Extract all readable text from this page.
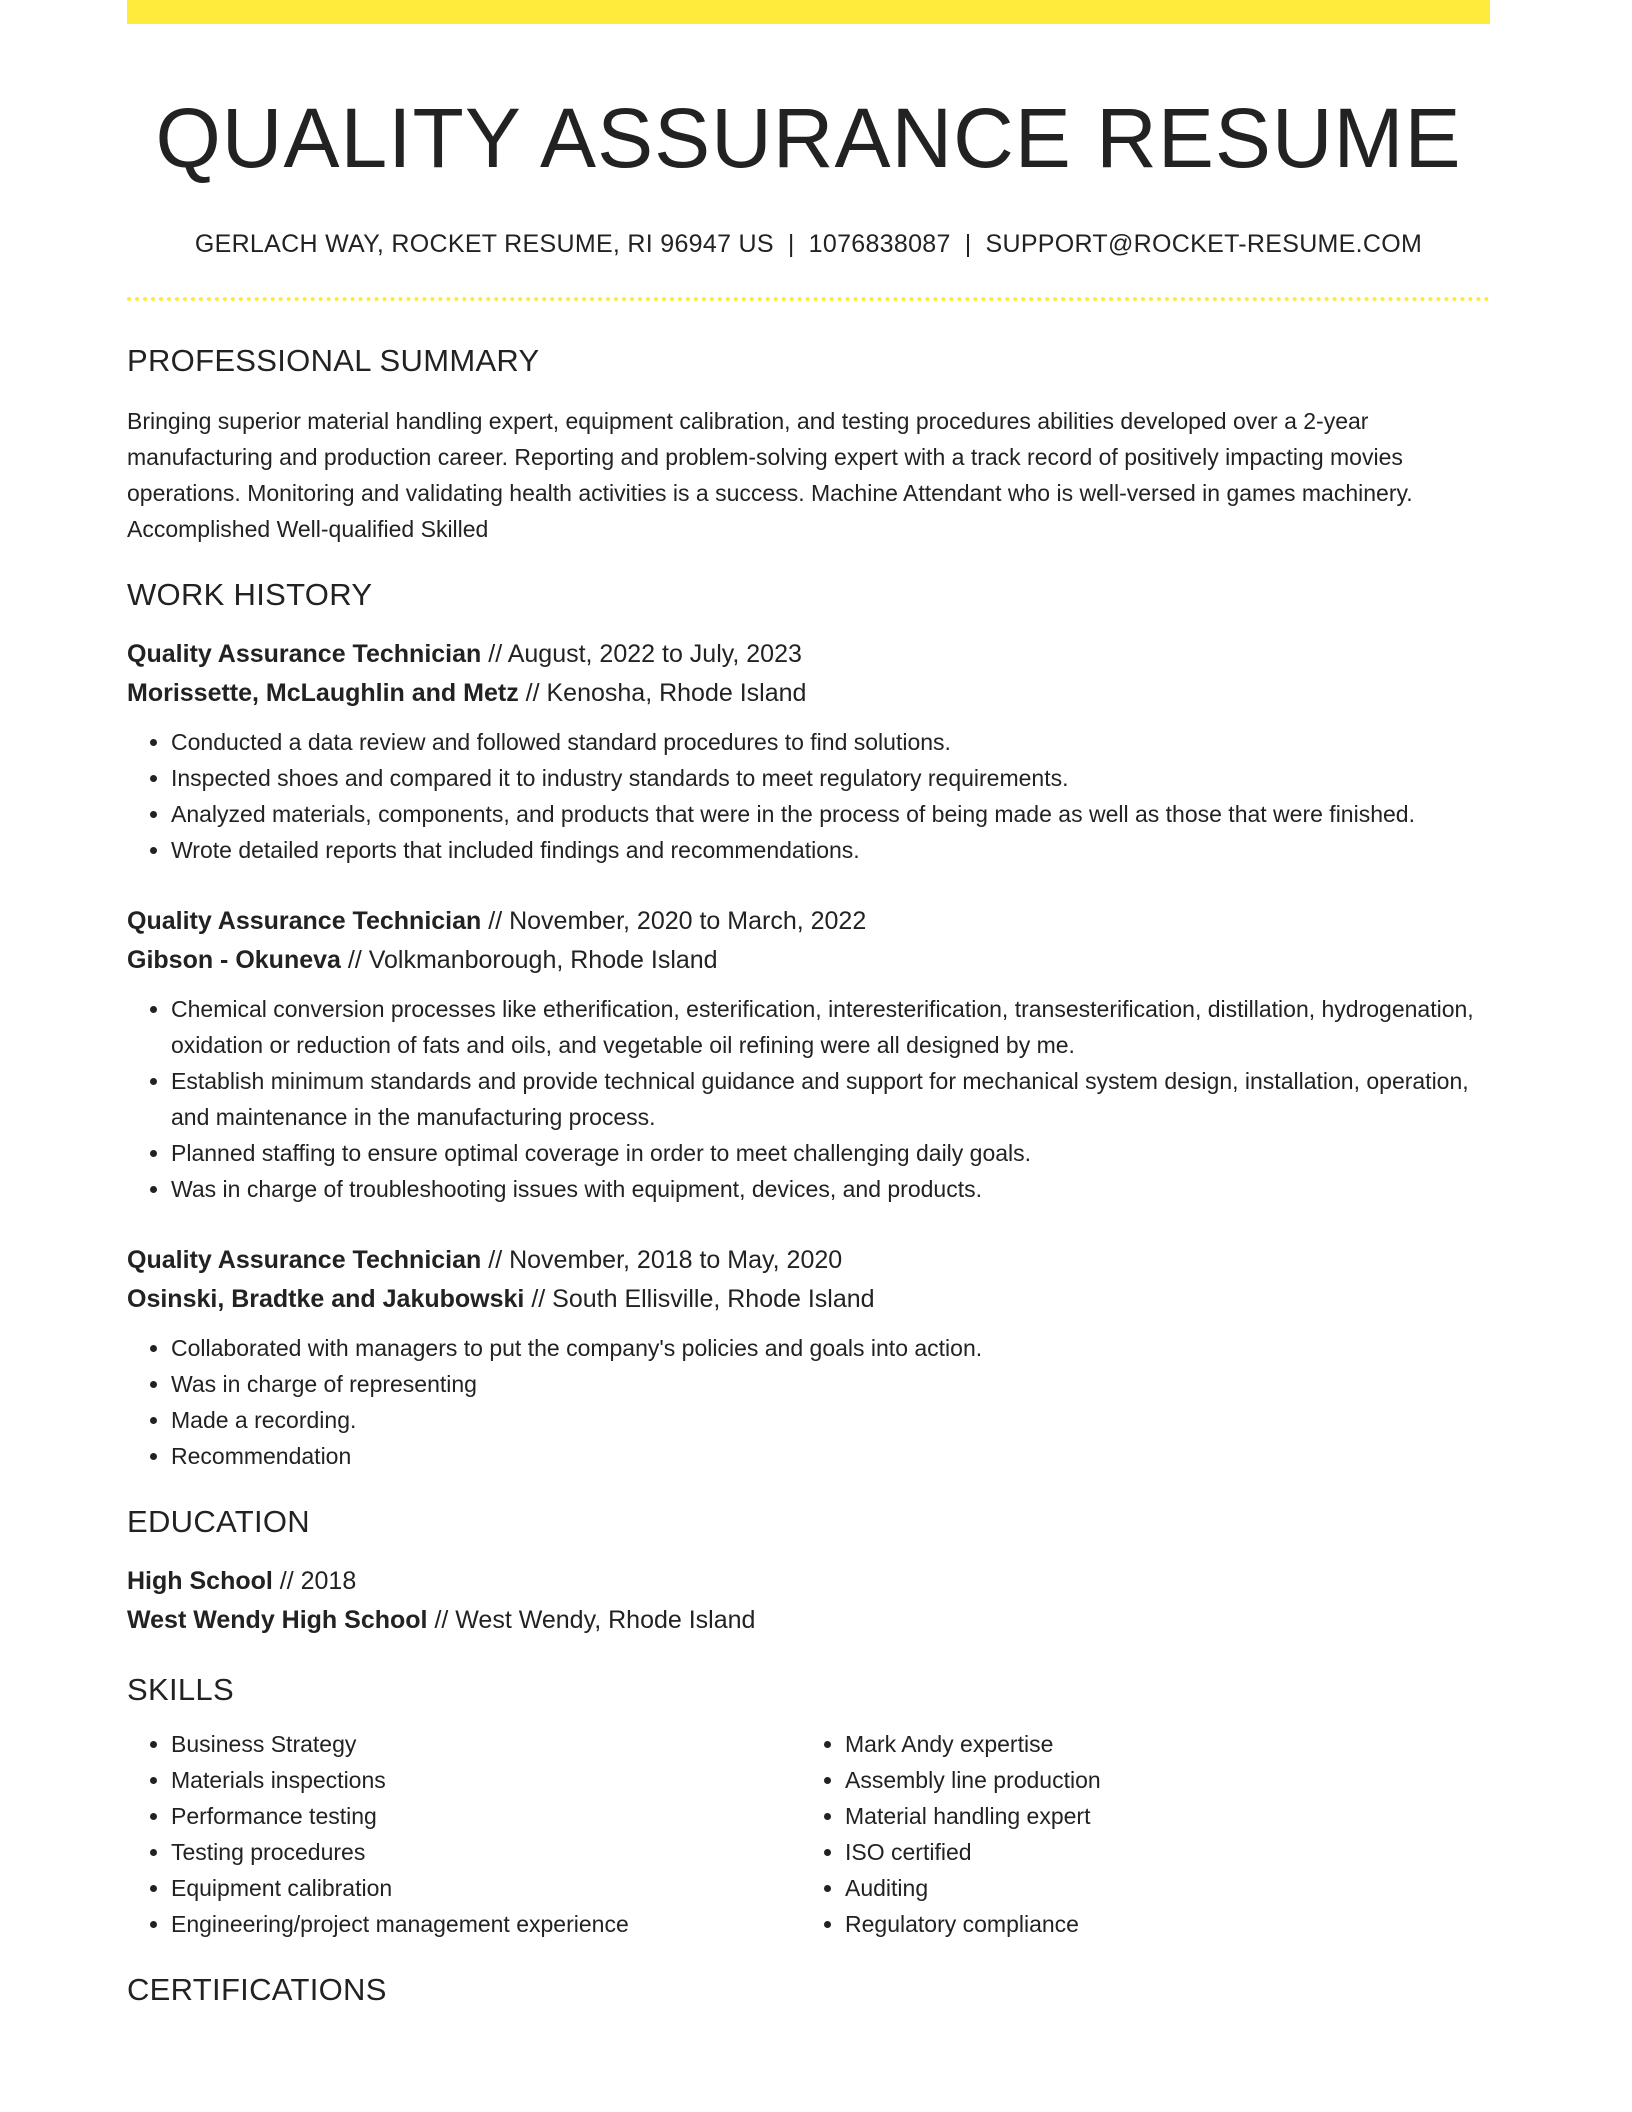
QUALITY ASSURANCE RESUME
GERLACH WAY, ROCKET RESUME, RI 96947 US | 1076838087 | SUPPORT@ROCKET-RESUME.COM
PROFESSIONAL SUMMARY

Bringing superior material handling expert, equipment calibration, and testing procedures abilities developed over a 2-year manufacturing and production career. Reporting and problem-solving expert with a track record of positively impacting movies operations. Monitoring and validating health activities is a success. Machine Attendant who is well-versed in games machinery. Accomplished Well-qualified Skilled

WORK HISTORY
Quality Assurance Technician // August, 2022 to July, 2023
Morissette, McLaughlin and Metz // Kenosha, Rhode Island
• Conducted a data review and followed standard procedures to find solutions.
• Inspected shoes and compared it to industry standards to meet regulatory requirements.
• Analyzed materials, components, and products that were in the process of being made as well as those that were finished.
• Wrote detailed reports that included findings and recommendations.
Quality Assurance Technician // November, 2020 to March, 2022
Gibson - Okuneva // Volkmanborough, Rhode Island
• Chemical conversion processes like etherification, esterification, interesterification, transesterification, distillation, hydrogenation, oxidation or reduction of fats and oils, and vegetable oil refining were all designed by me.
• Establish minimum standards and provide technical guidance and support for mechanical system design, installation, operation, and maintenance in the manufacturing process.
• Planned staffing to ensure optimal coverage in order to meet challenging daily goals.
• Was in charge of troubleshooting issues with equipment, devices, and products.
Quality Assurance Technician // November, 2018 to May, 2020
Osinski, Bradtke and Jakubowski // South Ellisville, Rhode Island
• Collaborated with managers to put the company's policies and goals into action.
• Was in charge of representing
• Made a recording.
• Recommendation
EDUCATION
High School // 2018
West Wendy High School // West Wendy, Rhode Island
SKILLS
• Business Strategy
• Materials inspections
• Performance testing
• Testing procedures
• Equipment calibration
• Engineering/project management experience
• Mark Andy expertise
• Assembly line production
• Material handling expert
• ISO certified
• Auditing
• Regulatory compliance
CERTIFICATIONS
